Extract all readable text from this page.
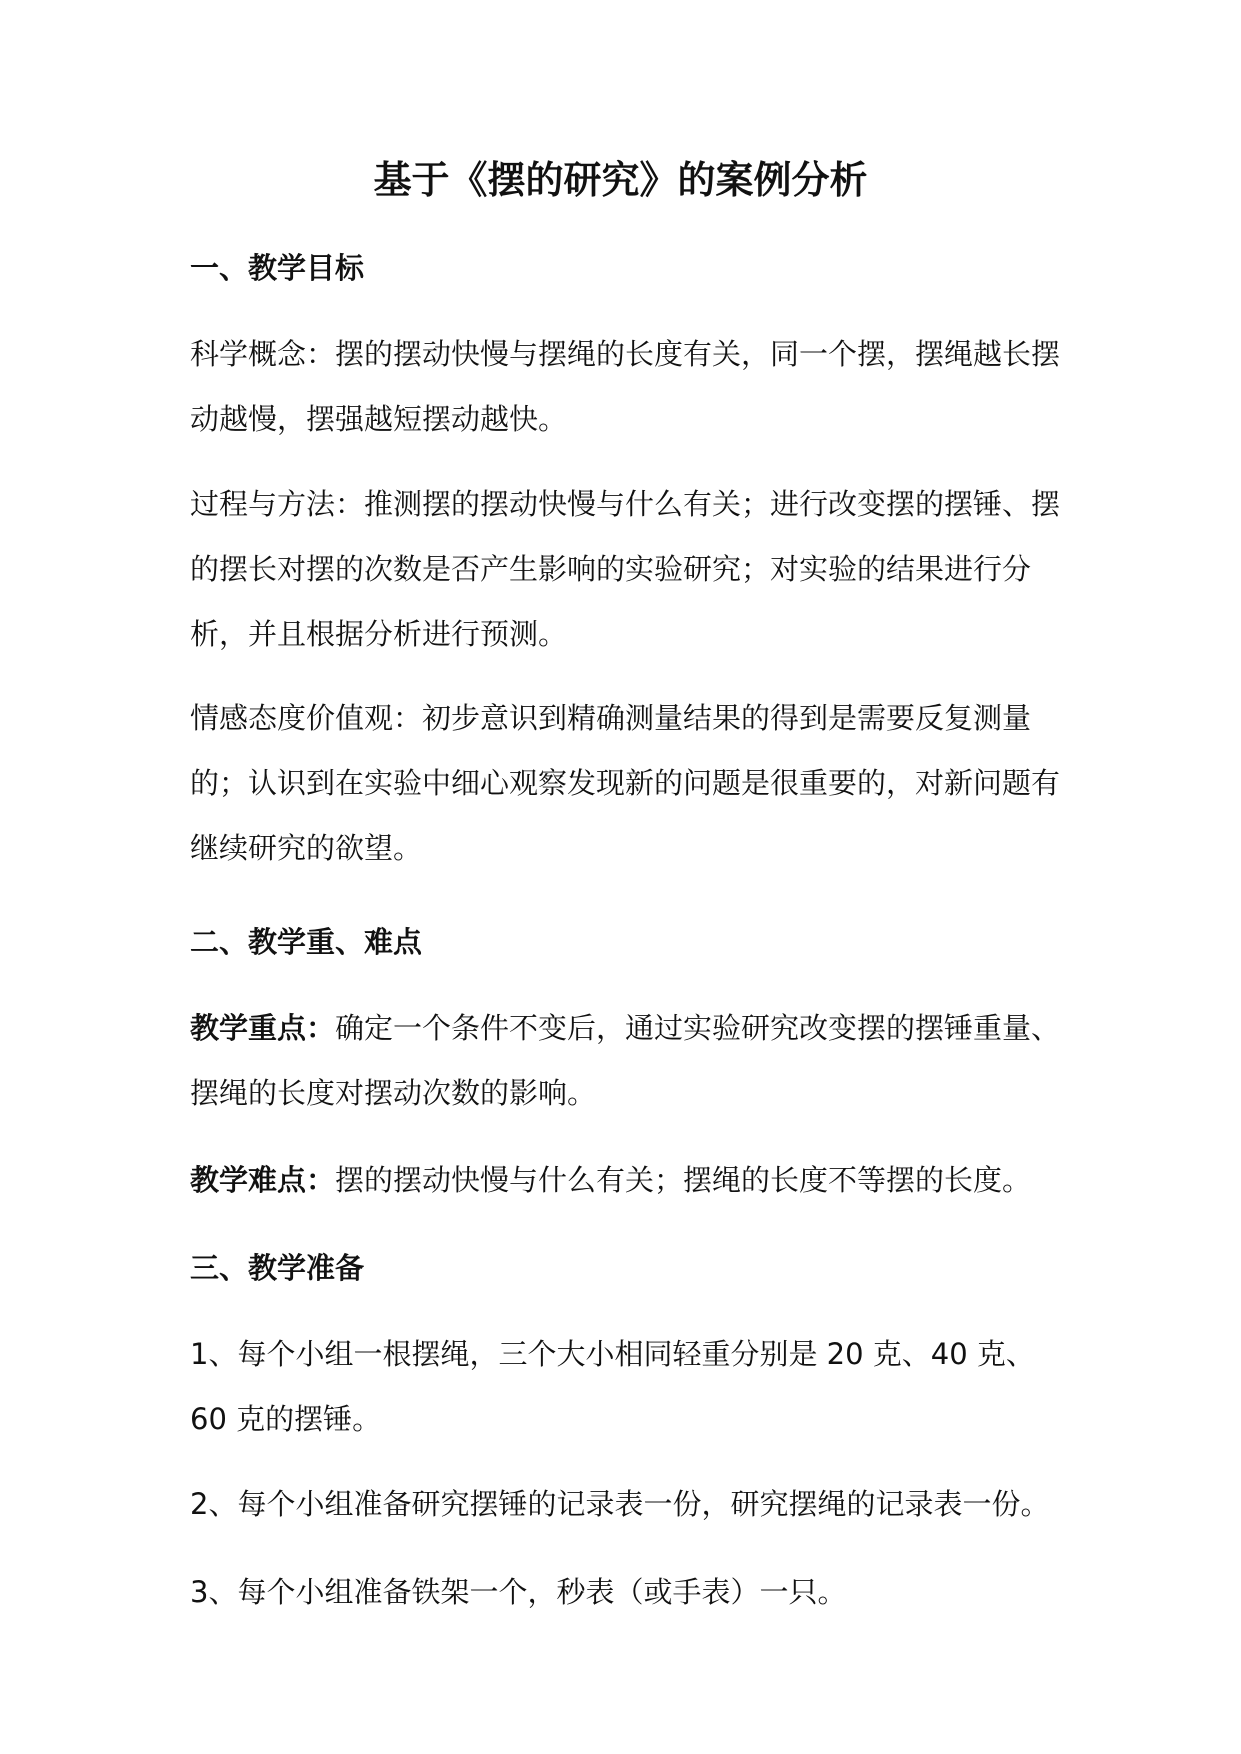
基于《摆的研究》的案例分析
一、教学目标

科学概念：摆的摆动快慢与摆绳的长度有关，同一个摆，摆绳越长摆动越慢，摆强越短摆动越快。

过程与方法：推测摆的摆动快慢与什么有关；进行改变摆的摆锤、摆的摆长对摆的次数是否产生影响的实验研究；对实验的结果进行分析，并且根据分析进行预测。

情感态度价值观：初步意识到精确测量结果的得到是需要反复测量的；认识到在实验中细心观察发现新的问题是很重要的，对新问题有继续研究的欲望。

二、教学重、难点

教学重点：确定一个条件不变后，通过实验研究改变摆的摆锤重量、摆绳的长度对摆动次数的影响。

教学难点：摆的摆动快慢与什么有关；摆绳的长度不等摆的长度。

三、教学准备

1、每个小组一根摆绳，三个大小相同轻重分别是 20 克、40 克、60 克的摆锤。

2、每个小组准备研究摆锤的记录表一份，研究摆绳的记录表一份。

3、每个小组准备铁架一个，秒表（或手表）一只。
